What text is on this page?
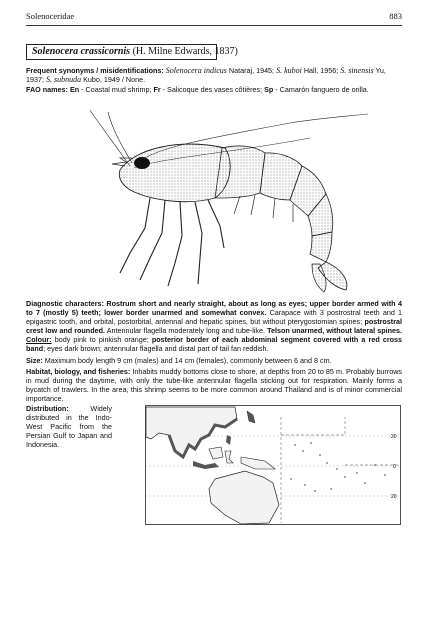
Solenoceridae	883
Solenocera crassicornis (H. Milne Edwards, 1837)

Frequent synonyms / misidentifications: Solenocera indicus Nataraj, 1945; S. kuboi Hall, 1956; S. sinensis Yu, 1937; S. subnuda Kubo, 1949 / None.

FAO names: En - Coastal mud shrimp; Fr - Salicoque des vases côtières; Sp - Camarón fanguero de orilla.

Diagnostic characters: Rostrum short and nearly straight, about as long as eyes; upper border armed with 4 to 7 (mostly 5) teeth; lower border unarmed and somewhat convex. Carapace with 3 postrostral teeth and 1 epigastric tooth, and orbital, postorbital, antennal and hepatic spines, but without pterygostomian spines; postrostral crest low and rounded. Antennular flagella moderately long and tube-like. Telson unarmed, without lateral spines. Colour: body pink to pinkish orange; posterior border of each abdominal segment covered with a red cross band; eyes dark brown; antennular flagella and distal part of tail fan reddish.

Size: Maximum body length 9 cm (males) and 14 cm (females), commonly between 6 and 8 cm.

Habitat, biology, and fisheries: Inhabits muddy bottoms close to shore, at depths from 20 to 85 m. Probably burrows in mud during the daytime, with only the tube-like antennular flagella sticking out for respiration. Mainly forms a bycatch of trawlers. In the area, this shrimp seems to be more common around Thailand and is of minor commercial importance.

Distribution:	Widely distributed in the Indo-West Pacific from the Persian Gulf to Japan and Indonesia.

20
0
20
